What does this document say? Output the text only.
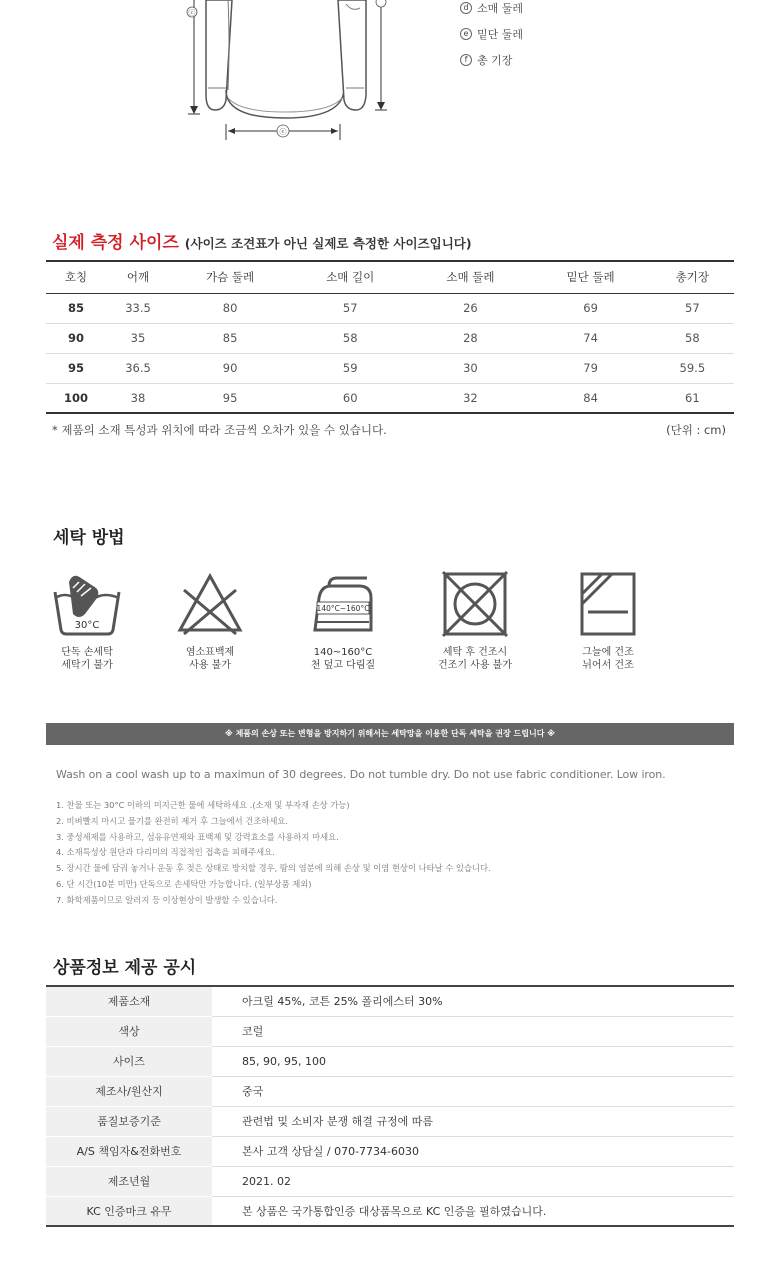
ⓒ
ⓔ
d 소매 둘레
e 밑단 둘레
f 총 기장
실제 측정 사이즈 (사이즈 조견표가 아닌 실제로 측정한 사이즈입니다)
호칭	어깨	가슴 둘레	소매 길이	소매 둘레	밑단 둘레	총기장
85	33.5	80	57	26	69	57
90	35	85	58	28	74	58
95	36.5	90	59	30	79	59.5
100	38	95	60	32	84	61
* 제품의 소재 특성과 위치에 따라 조금씩 오차가 있을 수 있습니다.	(단위 : cm)
세탁 방법
30°C
단독 손세탁
세탁기 불가
염소표백제
사용 불가
140°C~160°C
140~160°C
천 덮고 다림질
세탁 후 건조시
건조기 사용 불가
그늘에 건조
뉘어서 건조
※ 제품의 손상 또는 변형을 방지하기 위해서는 세탁망을 이용한 단독 세탁을 권장 드립니다 ※
Wash on a cool wash up to a maximun of 30 degrees. Do not tumble dry. Do not use fabric conditioner. Low iron.
1. 찬물 또는 30°C 이하의 미지근한 물에 세탁하세요 .(소재 및 부자재 손상 가능)
2. 비벼빨지 마시고 물기를 완전히 제거 후 그늘에서 건조하세요.
3. 중성세제를 사용하고, 섬유유연제와 표백제 및 강력효소를 사용하지 마세요.
4. 소재특성상 원단과 다리미의 직접적인 접촉을 피해주세요.
5. 장시간 물에 담궈 놓거나 운동 후 젖은 상태로 방치할 경우, 땀의 염분에 의해 손상 및 이염 현상이 나타날 수 있습니다.
6. 단 시간(10분 미만) 단독으로 손세탁만 가능합니다. (일부상품 제외)
7. 화학제품이므로 알러지 등 이상현상이 발생할 수 있습니다.
상품정보 제공 공시
제품소재	아크릴 45%, 코튼 25% 폴리에스터 30%
색상	코럴
사이즈	85, 90, 95, 100
제조사/원산지	중국
품질보증기준	관련법 및 소비자 분쟁 해결 규정에 따름
A/S 책임자&전화번호	본사 고객 상담실 / 070-7734-6030
제조년월	2021. 02
KC 인증마크 유무	본 상품은 국가통합인증 대상품목으로 KC 인증을 필하였습니다.
